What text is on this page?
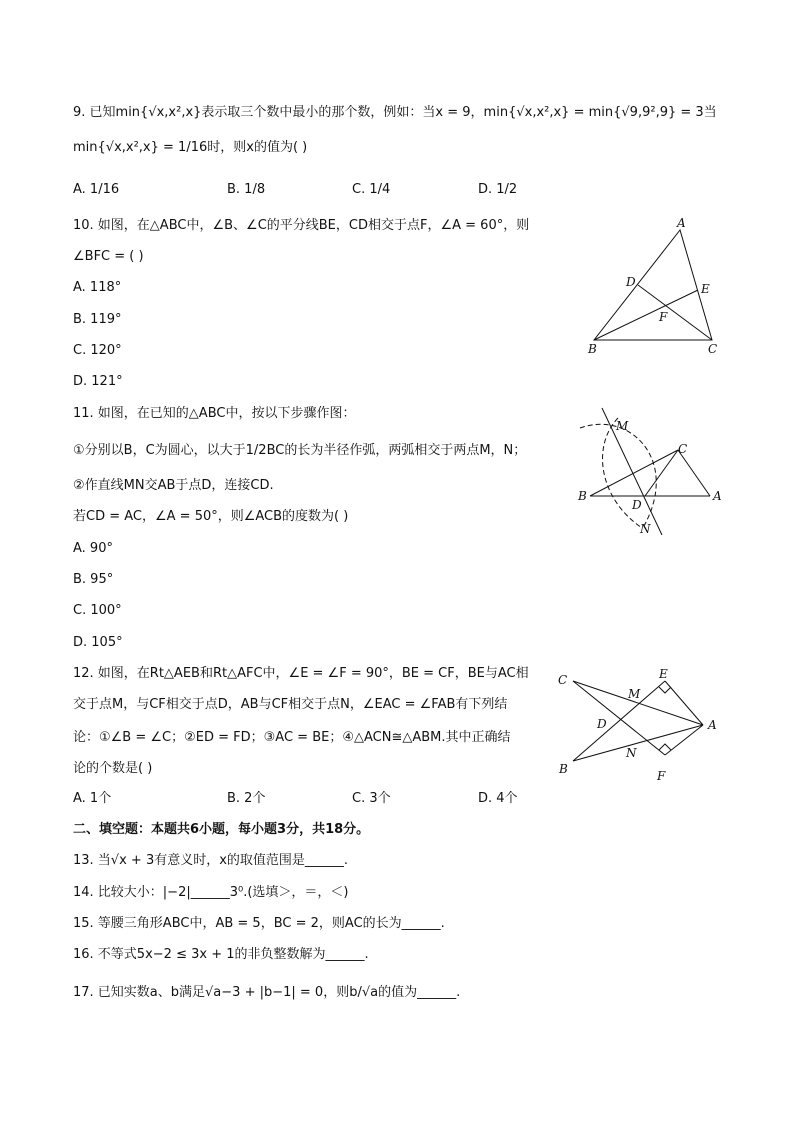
9. 已知min{√x,x²,x}表示取三个数中最小的那个数，例如：当x = 9，min{√x,x²,x} = min{√9,9²,9} = 3当
min{√x,x²,x} = 1/16时，则x的值为( )
A. 1/16	B. 1/8	C. 1/4	D. 1/2
10. 如图，在△ABC中，∠B、∠C的平分线BE，CD相交于点F，∠A = 60°，则
∠BFC = ( )
A. 118°
B. 119°
C. 120°
D. 121°
A
D	E
F
B	C
11. 如图，在已知的△ABC中，按以下步骤作图：
①分别以B，C为圆心，以大于1/2BC的长为半径作弧，两弧相交于两点M，N；
②作直线MN交AB于点D，连接CD.
若CD = AC，∠A = 50°，则∠ACB的度数为( )
A. 90°
B. 95°
C. 100°
D. 105°
M
C
B	A
D
N
12. 如图，在Rt△AEB和Rt△AFC中，∠E = ∠F = 90°，BE = CF，BE与AC相
交于点M，与CF相交于点D，AB与CF相交于点N，∠EAC = ∠FAB有下列结
论：①∠B = ∠C；②ED = FD；③AC = BE；④△ACN≅△ABM.其中正确结
论的个数是( )
A. 1个	B. 2个	C. 3个	D. 4个
C	E
M
D	A
N
B	F
二、填空题：本题共6小题，每小题3分，共18分。
13. 当√x + 3有意义时，x的取值范围是______.
14. 比较大小：|−2|______3⁰.(选填＞，＝，＜)
15. 等腰三角形ABC中，AB = 5，BC = 2，则AC的长为______.
16. 不等式5x−2 ≤ 3x + 1的非负整数解为______.
17. 已知实数a、b满足√a−3 + |b−1| = 0，则b/√a的值为______.
